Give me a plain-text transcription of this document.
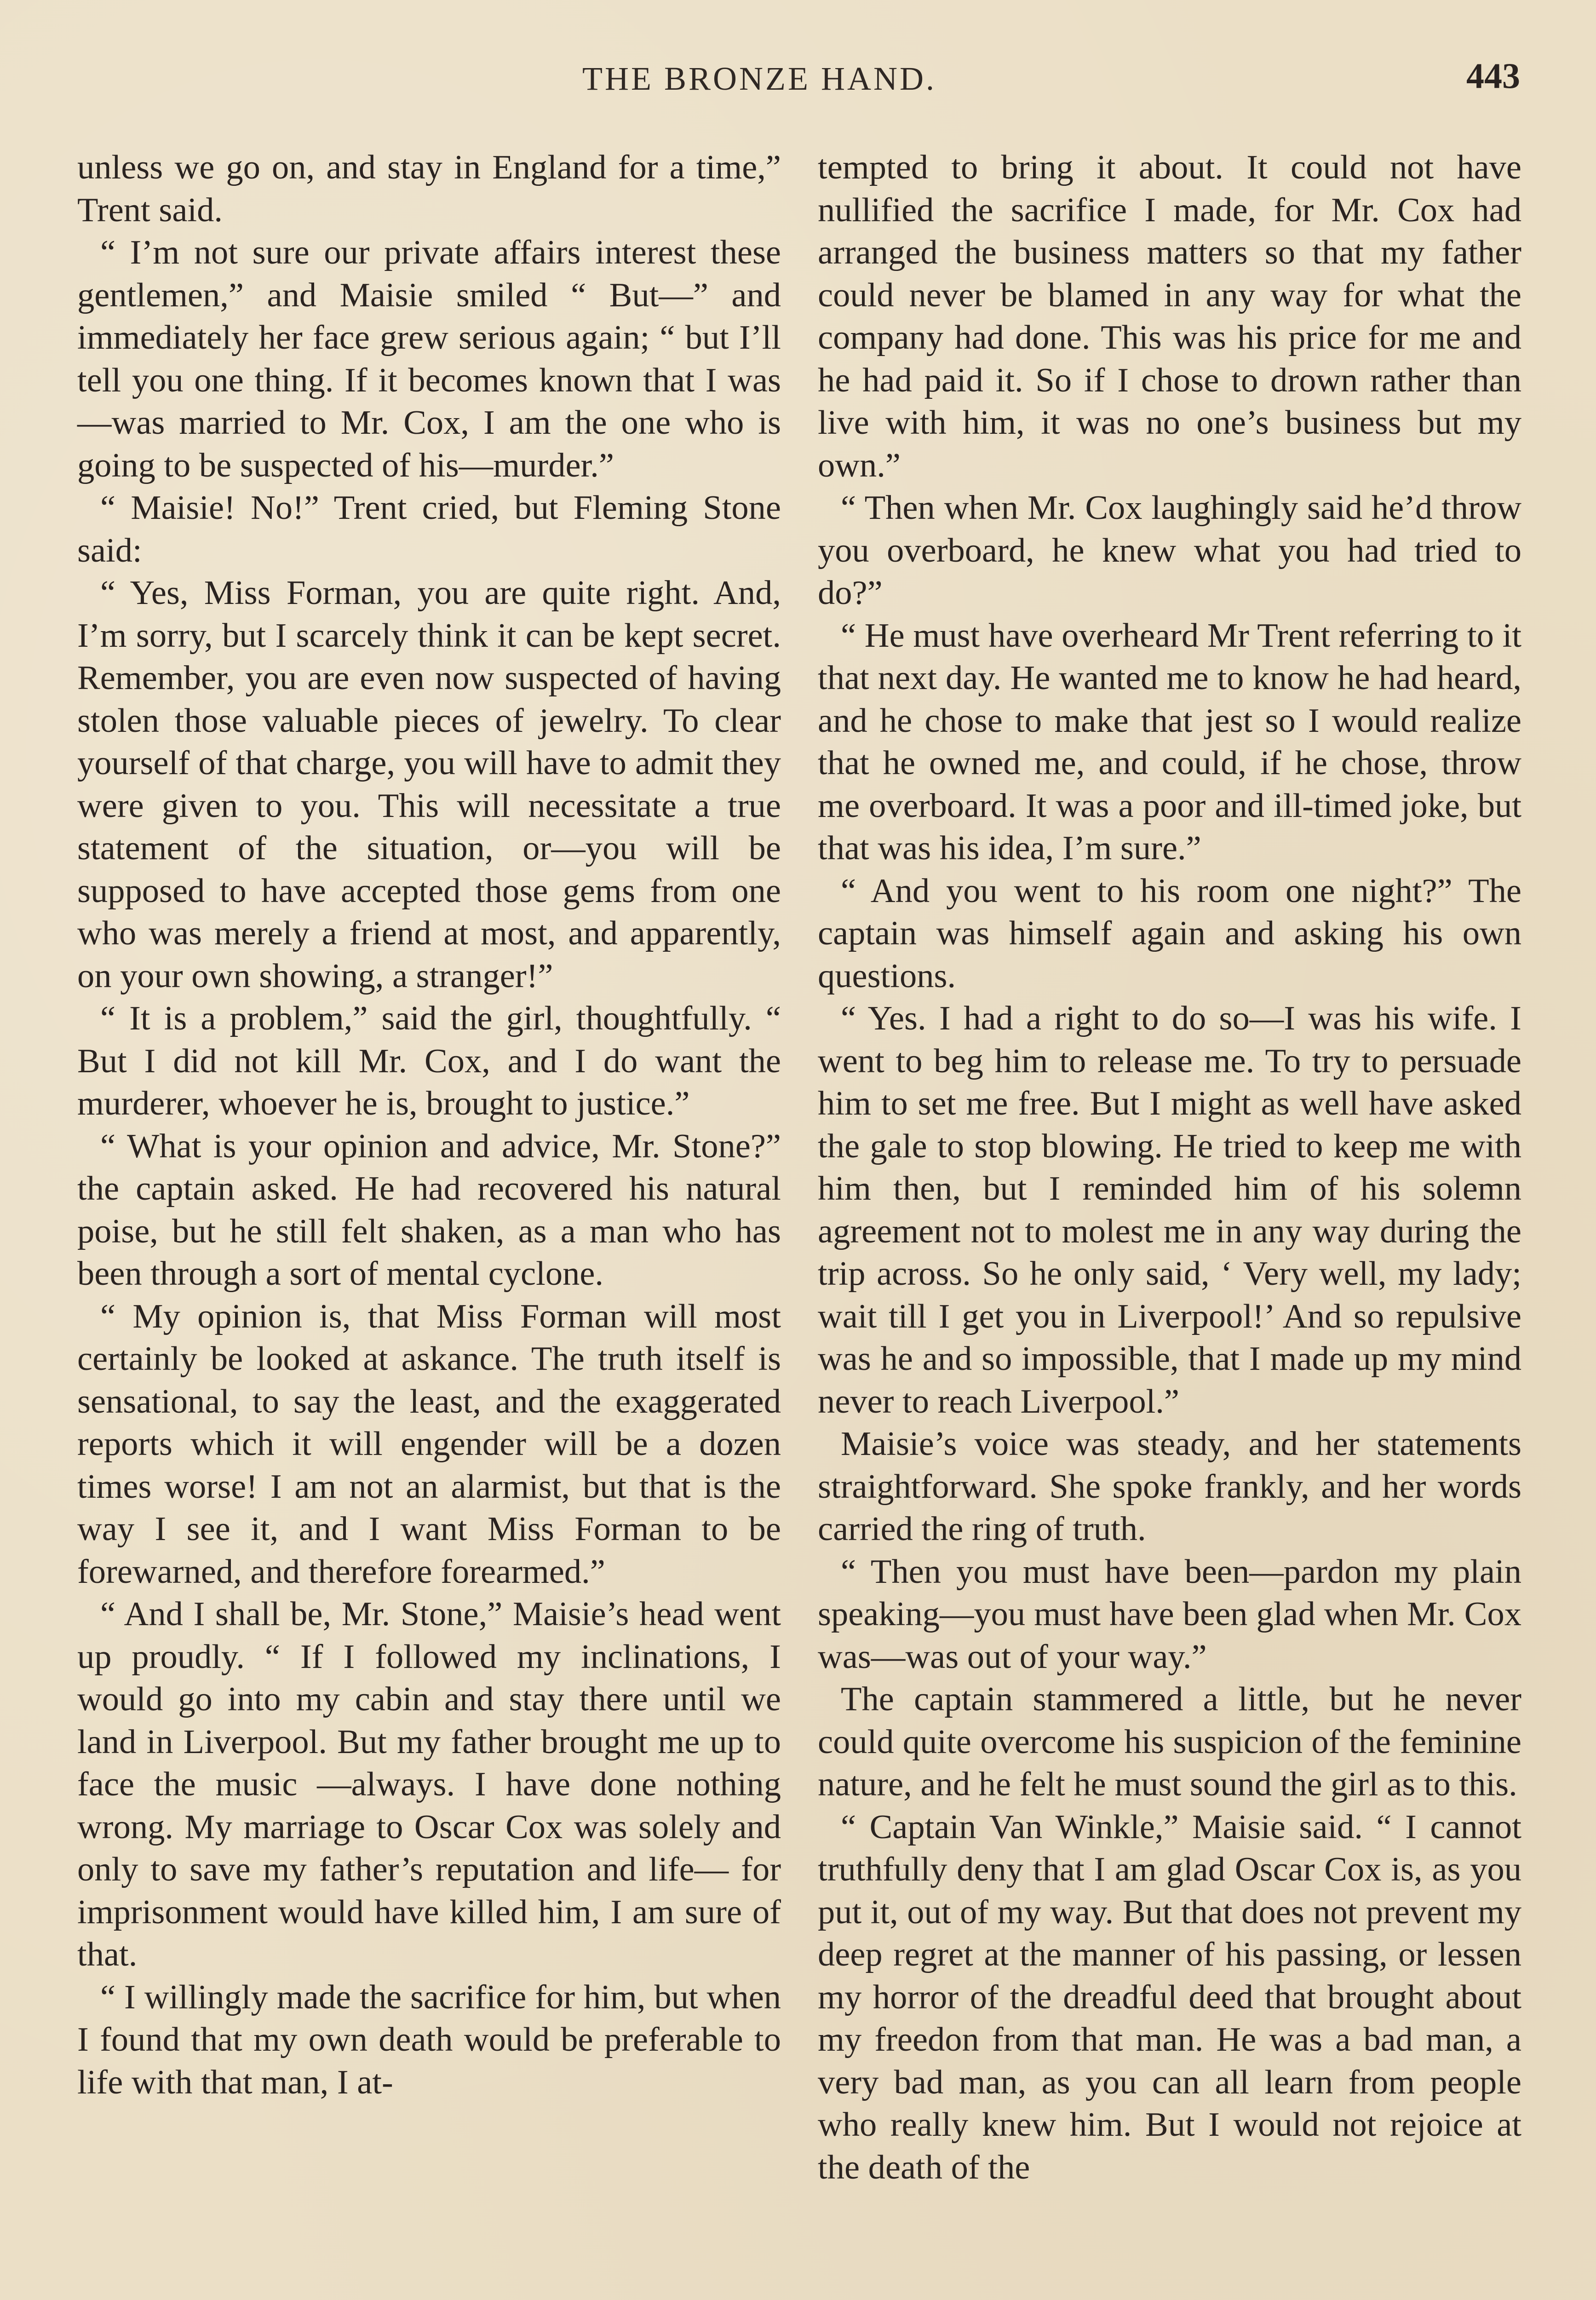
THE BRONZE HAND.	443

unless we go on, and stay in England for a time,” Trent said.

“ I’m not sure our private affairs interest these gentlemen,” and Maisie smiled “ But—” and immediately her face grew serious again; “ but I’ll tell you one thing. If it becomes known that I was—was married to Mr. Cox, I am the one who is going to be suspected of his—murder.”

“ Maisie! No!” Trent cried, but Fleming Stone said:

“ Yes, Miss Forman, you are quite right. And, I’m sorry, but I scarcely think it can be kept secret. Remember, you are even now suspected of having stolen those valuable pieces of jewelry. To clear yourself of that charge, you will have to admit they were given to you. This will necessitate a true statement of the situation, or—you will be supposed to have accepted those gems from one who was merely a friend at most, and apparently, on your own showing, a stranger!”

“ It is a problem,” said the girl, thoughtfully. “ But I did not kill Mr. Cox, and I do want the murderer, whoever he is, brought to justice.”

“ What is your opinion and advice, Mr. Stone?” the captain asked. He had recovered his natural poise, but he still felt shaken, as a man who has been through a sort of mental cyclone.

“ My opinion is, that Miss Forman will most certainly be looked at askance. The truth itself is sensational, to say the least, and the exaggerated reports which it will engender will be a dozen times worse! I am not an alarmist, but that is the way I see it, and I want Miss Forman to be forewarned, and therefore forearmed.”

“ And I shall be, Mr. Stone,” Maisie’s head went up proudly. “ If I followed my inclinations, I would go into my cabin and stay there until we land in Liverpool. But my father brought me up to face the music —always. I have done nothing wrong. My marriage to Oscar Cox was solely and only to save my father’s reputation and life— for imprisonment would have killed him, I am sure of that.

“ I willingly made the sacrifice for him, but when I found that my own death would be preferable to life with that man, I at-

tempted to bring it about. It could not have nullified the sacrifice I made, for Mr. Cox had arranged the business matters so that my father could never be blamed in any way for what the company had done. This was his price for me and he had paid it. So if I chose to drown rather than live with him, it was no one’s business but my own.”

“ Then when Mr. Cox laughingly said he’d throw you overboard, he knew what you had tried to do?”

“ He must have overheard Mr Trent referring to it that next day. He wanted me to know he had heard, and he chose to make that jest so I would realize that he owned me, and could, if he chose, throw me overboard. It was a poor and ill-timed joke, but that was his idea, I’m sure.”

“ And you went to his room one night?” The captain was himself again and asking his own questions.

“ Yes. I had a right to do so—I was his wife. I went to beg him to release me. To try to persuade him to set me free. But I might as well have asked the gale to stop blowing. He tried to keep me with him then, but I reminded him of his solemn agreement not to molest me in any way during the trip across. So he only said, ‘ Very well, my lady; wait till I get you in Liverpool!’ And so repulsive was he and so impossible, that I made up my mind never to reach Liverpool.”

Maisie’s voice was steady, and her statements straightforward. She spoke frankly, and her words carried the ring of truth.

“ Then you must have been—pardon my plain speaking—you must have been glad when Mr. Cox was—was out of your way.”

The captain stammered a little, but he never could quite overcome his suspicion of the feminine nature, and he felt he must sound the girl as to this.

“ Captain Van Winkle,” Maisie said. “ I cannot truthfully deny that I am glad Oscar Cox is, as you put it, out of my way. But that does not prevent my deep regret at the manner of his passing, or lessen my horror of the dreadful deed that brought about my freedon from that man. He was a bad man, a very bad man, as you can all learn from people who really knew him. But I would not rejoice at the death of the
